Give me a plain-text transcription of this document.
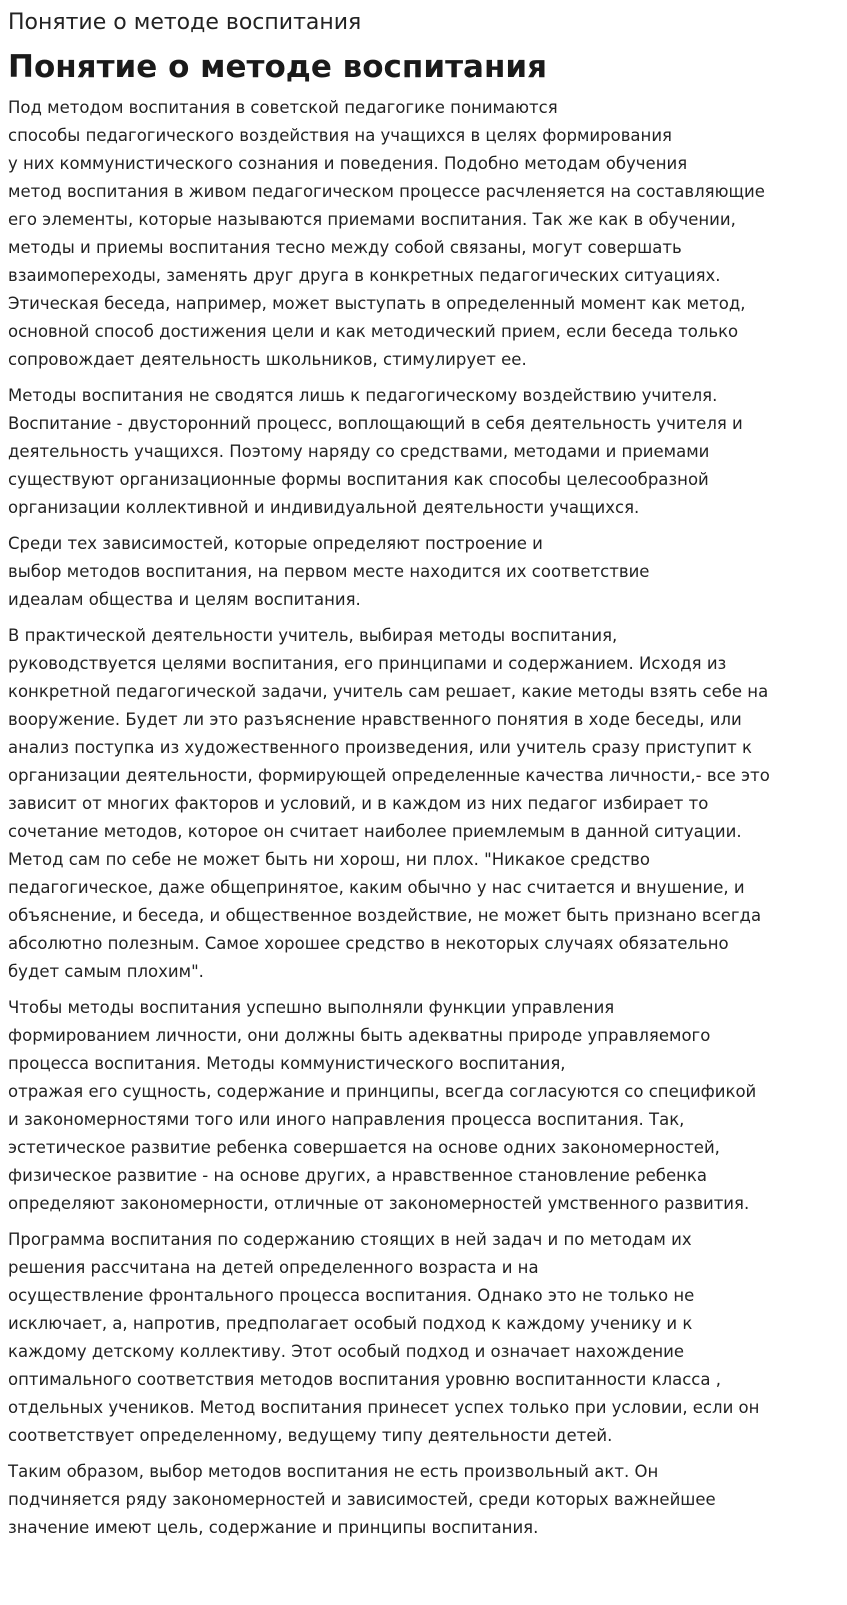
Понятие о методе воспитания
Понятие о методе воспитания

Под методом воспитания в советской педагогике понимаются
способы педагогического воздействия на учащихся в целях формирования
у них коммунистического сознания и поведения. Подобно методам обучения
метод воспитания в живом педагогическом процессе расчленяется на составляющие
его элементы, которые называются приемами воспитания. Так же как в обучении,
методы и приемы воспитания тесно между собой связаны, могут совершать
взаимопереходы, заменять друг друга в конкретных педагогических ситуациях.
Этическая беседа, например, может выступать в определенный момент как метод,
основной способ достижения цели и как методический прием, если беседа только
сопровождает деятельность школьников, стимулирует ее.

Методы воспитания не сводятся лишь к педагогическому воздействию учителя.
Воспитание - двусторонний процесс, воплощающий в себя деятельность учителя и
деятельность учащихся. Поэтому наряду со средствами, методами и приемами
существуют организационные формы воспитания как способы целесообразной
организации коллективной и индивидуальной деятельности учащихся.

Среди тех зависимостей, которые определяют построение и
выбор методов воспитания, на первом месте находится их соответствие
идеалам общества и целям воспитания.

В практической деятельности учитель, выбирая методы воспитания,
руководствуется целями воспитания, его принципами и содержанием. Исходя из
конкретной педагогической задачи, учитель сам решает, какие методы взять себе на
вооружение. Будет ли это разъяснение нравственного понятия в ходе беседы, или
анализ поступка из художественного произведения, или учитель сразу приступит к
организации деятельности, формирующей определенные качества личности,- все это
зависит от многих факторов и условий, и в каждом из них педагог избирает то
сочетание методов, которое он считает наиболее приемлемым в данной ситуации.
Метод сам по себе не может быть ни хорош, ни плох. "Никакое средство
педагогическое, даже общепринятое, каким обычно у нас считается и внушение, и
объяснение, и беседа, и общественное воздействие, не может быть признано всегда
абсолютно полезным. Самое хорошее средство в некоторых случаях обязательно
будет самым плохим".

Чтобы методы воспитания успешно выполняли функции управления
формированием личности, они должны быть адекватны природе управляемого
процесса воспитания. Методы коммунистического воспитания,
отражая его сущность, содержание и принципы, всегда согласуются со спецификой
и закономерностями того или иного направления процесса воспитания. Так,
эстетическое развитие ребенка совершается на основе одних закономерностей,
физическое развитие - на основе других, а нравственное становление ребенка
определяют закономерности, отличные от закономерностей умственного развития.

Программа воспитания по содержанию стоящих в ней задач и по методам их
решения рассчитана на детей определенного возраста и на
осуществление фронтального процесса воспитания. Однако это не только не
исключает, а, напротив, предполагает особый подход к каждому ученику и к
каждому детскому коллективу. Этот особый подход и означает нахождение
оптимального соответствия методов воспитания уровню воспитанности класса ,
отдельных учеников. Метод воспитания принесет успех только при условии, если он
соответствует определенному, ведущему типу деятельности детей.

Таким образом, выбор методов воспитания не есть произвольный акт. Он
подчиняется ряду закономерностей и зависимостей, среди которых важнейшее
значение имеют цель, содержание и принципы воспитания.
